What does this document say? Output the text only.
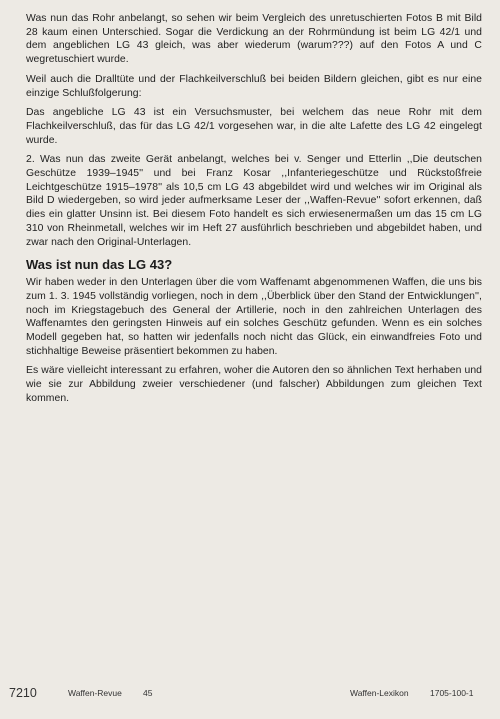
Was nun das Rohr anbelangt, so sehen wir beim Vergleich des unretuschierten Fotos B mit Bild 28 kaum einen Unterschied. Sogar die Verdickung an der Rohrmündung ist beim LG 42/1 und dem angeblichen LG 43 gleich, was aber wiederum (warum???) auf den Fotos A und C wegretuschiert wurde.

Weil auch die Dralltüte und der Flachkeilverschluß bei beiden Bildern gleichen, gibt es nur eine einzige Schlußfolgerung:

Das angebliche LG 43 ist ein Versuchsmuster, bei welchem das neue Rohr mit dem Flachkeilverschluß, das für das LG 42/1 vorgesehen war, in die alte Lafette des LG 42 eingelegt wurde.

2. Was nun das zweite Gerät anbelangt, welches bei v. Senger und Etterlin ,,Die deutschen Geschütze 1939–1945'' und bei Franz Kosar ,,Infanteriegeschütze und Rückstoßfreie Leichtgeschütze 1915–1978'' als 10,5 cm LG 43 abgebildet wird und welches wir im Original als Bild D wiedergeben, so wird jeder aufmerksame Leser der ,,Waffen-Revue'' sofort erkennen, daß dies ein glatter Unsinn ist. Bei diesem Foto handelt es sich erwiesenermaßen um das 15 cm LG 310 von Rheinmetall, welches wir im Heft 27 ausführlich beschrieben und abgebildet haben, und zwar nach den Original-Unterlagen.

Was ist nun das LG 43?

Wir haben weder in den Unterlagen über die vom Waffenamt abgenommenen Waffen, die uns bis zum 1. 3. 1945 vollständig vorliegen, noch in dem ,,Überblick über den Stand der Entwicklungen'', noch im Kriegstagebuch des General der Artillerie, noch in den zahlreichen Unterlagen des Waffenamtes den geringsten Hinweis auf ein solches Geschütz gefunden. Wenn es ein solches Modell gegeben hat, so hatten wir jedenfalls noch nicht das Glück, ein einwandfreies Foto und stichhaltige Beweise präsentiert bekommen zu haben.

Es wäre vielleicht interessant zu erfahren, woher die Autoren den so ähnlichen Text herhaben und wie sie zur Abbildung zweier verschiedener (und falscher) Abbildungen zum gleichen Text kommen.

7210	Waffen-Revue 45	Waffen-Lexikon	1705-100-1
